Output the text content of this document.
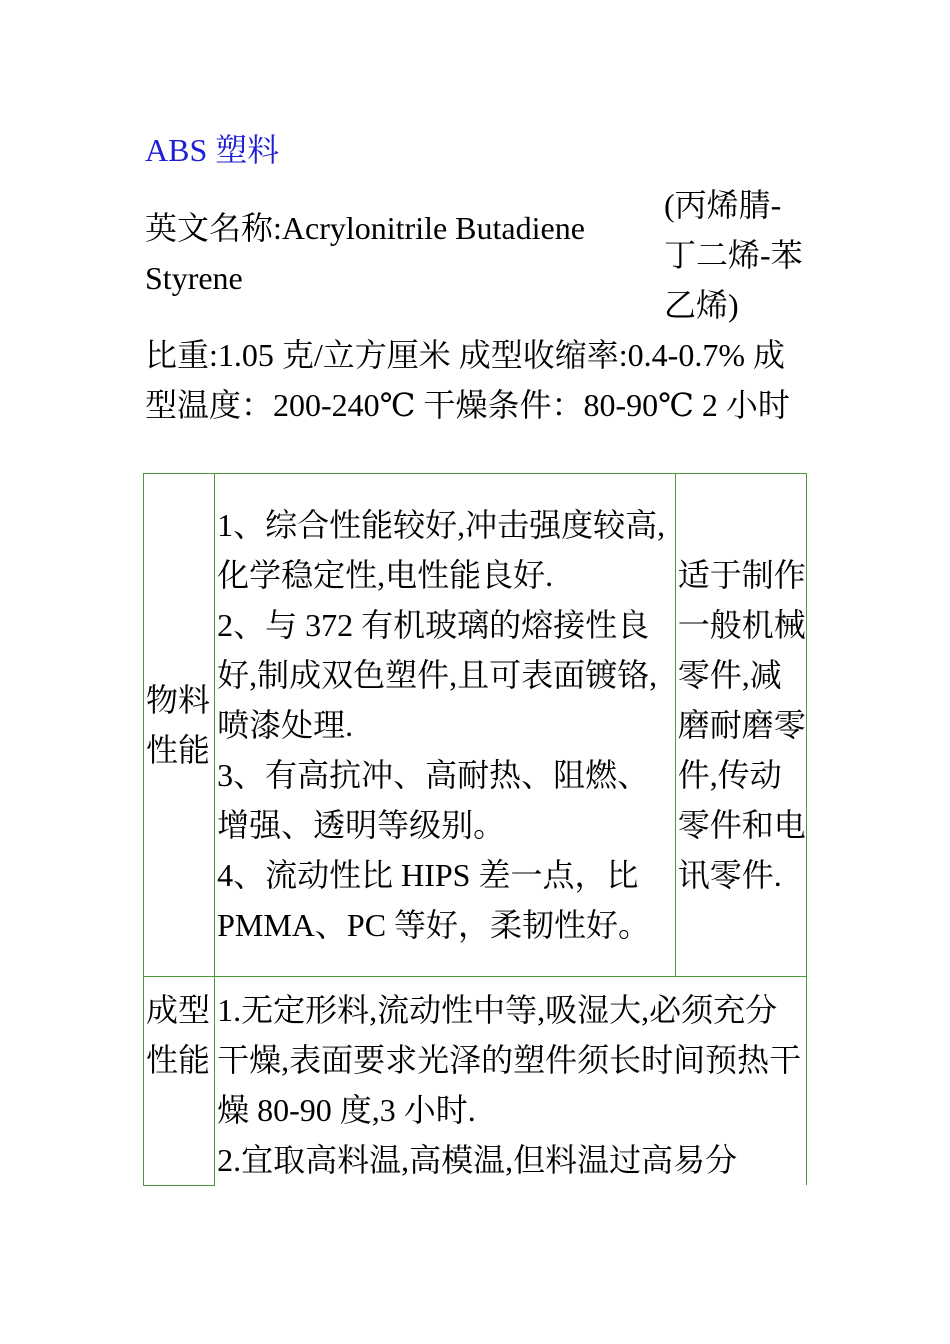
ABS 塑料
英文名称:Acrylonitrile Butadiene Styrene
(丙烯腈-丁二烯-苯乙烯)
比重:1.05 克/立方厘米 成型收缩率:0.4-0.7% 成型温度：200-240℃ 干燥条件：80-90℃ 2 小时
物料性能	1、综合性能较好,冲击强度较高,化学稳定性,电性能良好.
2、与 372 有机玻璃的熔接性良好,制成双色塑件,且可表面镀铬,喷漆处理.
3、有高抗冲、高耐热、阻燃、增强、透明等级别。
4、流动性比 HIPS 差一点，比 PMMA、PC 等好，柔韧性好。	适于制作一般机械零件,减磨耐磨零件,传动零件和电讯零件.

成型性能	1.无定形料,流动性中等,吸湿大,必须充分干燥,表面要求光泽的塑件须长时间预热干燥 80-90 度,3 小时.
2.宜取高料温,高模温,但料温过高易分	
